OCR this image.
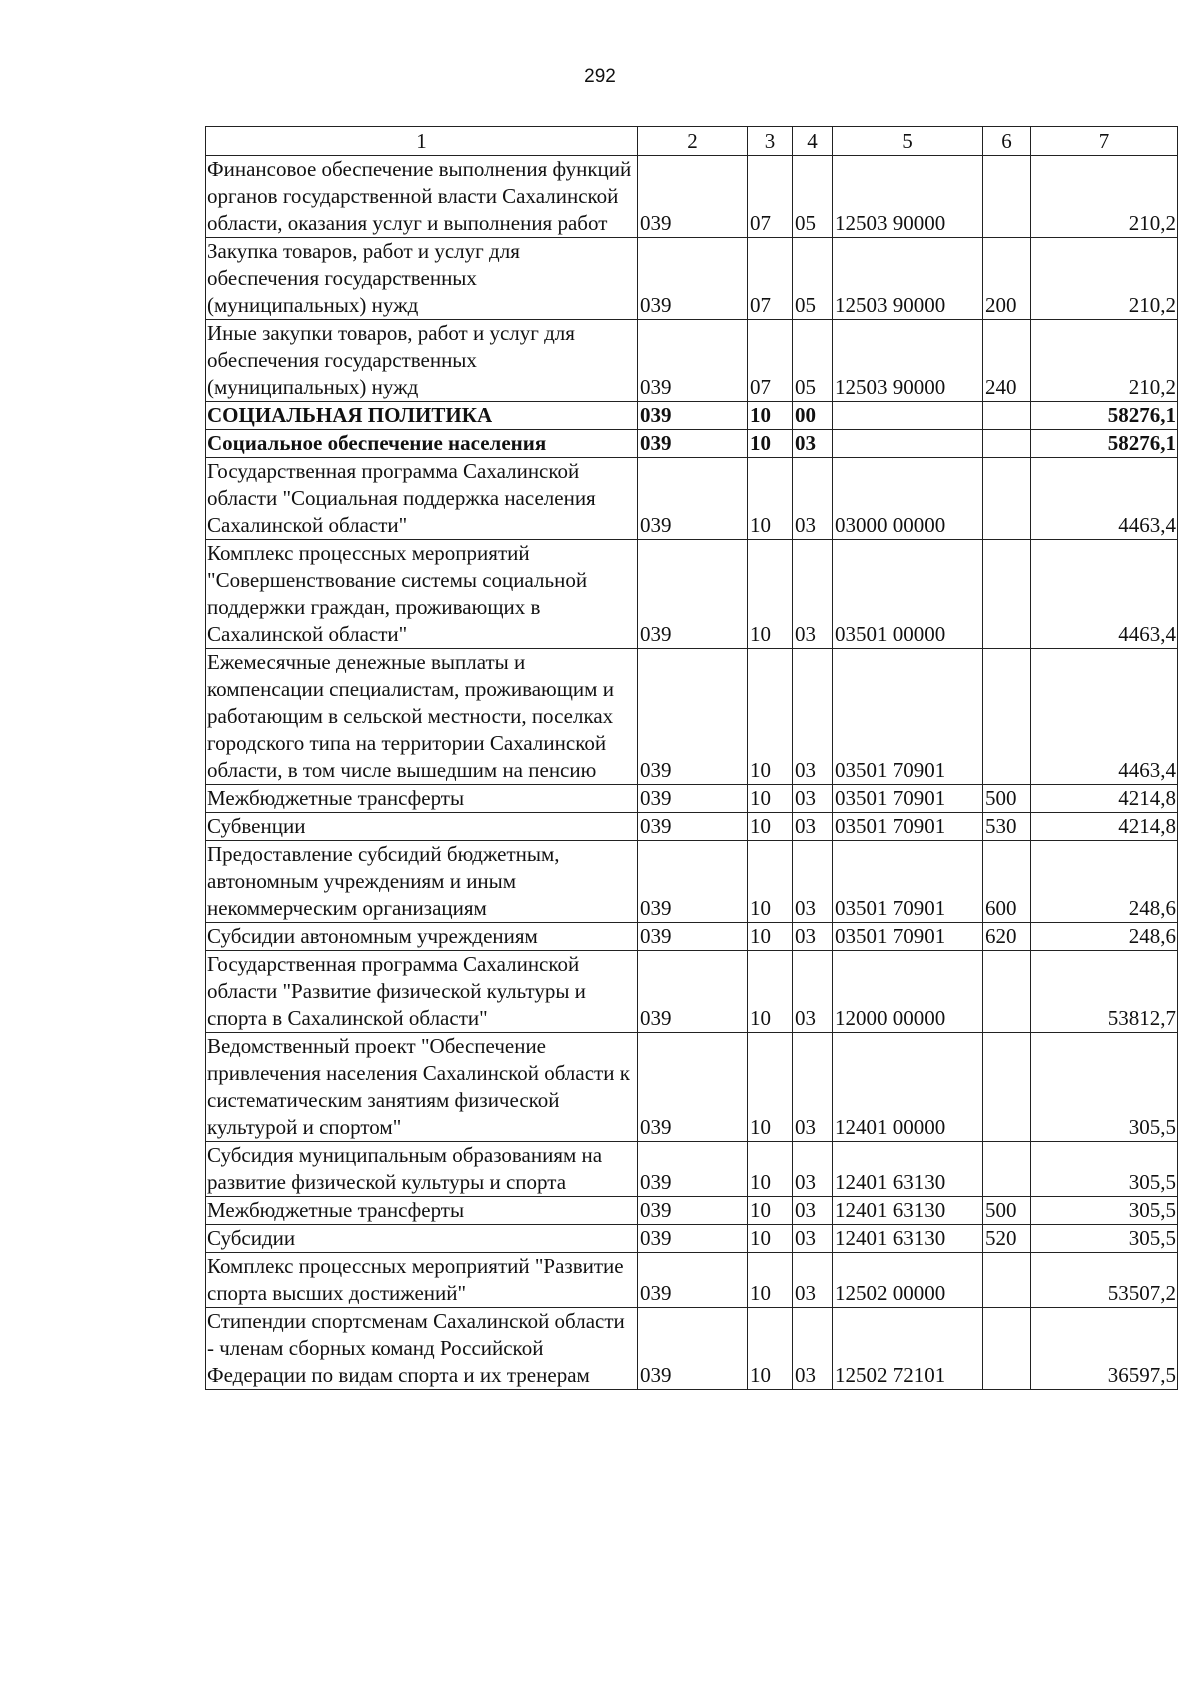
292
1	2	3	4	5	6	7
Финансовое обеспечение выполнения функций органов государственной власти Сахалинской области, оказания услуг и выполнения работ	039	07	05	12503 90000		210,2
Закупка товаров, работ и услуг для обеспечения государственных (муниципальных) нужд	039	07	05	12503 90000	200	210,2
Иные закупки товаров, работ и услуг для обеспечения государственных (муниципальных) нужд	039	07	05	12503 90000	240	210,2
СОЦИАЛЬНАЯ ПОЛИТИКА	039	10	00			58276,1
Социальное обеспечение населения	039	10	03			58276,1
Государственная программа Сахалинской области "Социальная поддержка населения Сахалинской области"	039	10	03	03000 00000		4463,4
Комплекс процессных мероприятий "Совершенствование системы социальной поддержки граждан, проживающих в Сахалинской области"	039	10	03	03501 00000		4463,4
Ежемесячные денежные выплаты и компенсации специалистам, проживающим и работающим в сельской местности, поселках городского типа на территории Сахалинской области, в том числе вышедшим на пенсию	039	10	03	03501 70901		4463,4
Межбюджетные трансферты	039	10	03	03501 70901	500	4214,8
Субвенции	039	10	03	03501 70901	530	4214,8
Предоставление субсидий бюджетным, автономным учреждениям и иным некоммерческим организациям	039	10	03	03501 70901	600	248,6
Субсидии автономным учреждениям	039	10	03	03501 70901	620	248,6
Государственная программа Сахалинской области "Развитие физической культуры и спорта в Сахалинской области"	039	10	03	12000 00000		53812,7
Ведомственный проект "Обеспечение привлечения населения Сахалинской области к систематическим занятиям физической культурой и спортом"	039	10	03	12401 00000		305,5
Субсидия муниципальным образованиям на развитие физической культуры и спорта	039	10	03	12401 63130		305,5
Межбюджетные трансферты	039	10	03	12401 63130	500	305,5
Субсидии	039	10	03	12401 63130	520	305,5
Комплекс процессных мероприятий "Развитие спорта высших достижений"	039	10	03	12502 00000		53507,2
Стипендии спортсменам Сахалинской области - членам сборных команд Российской Федерации по видам спорта и их тренерам	039	10	03	12502 72101		36597,5
